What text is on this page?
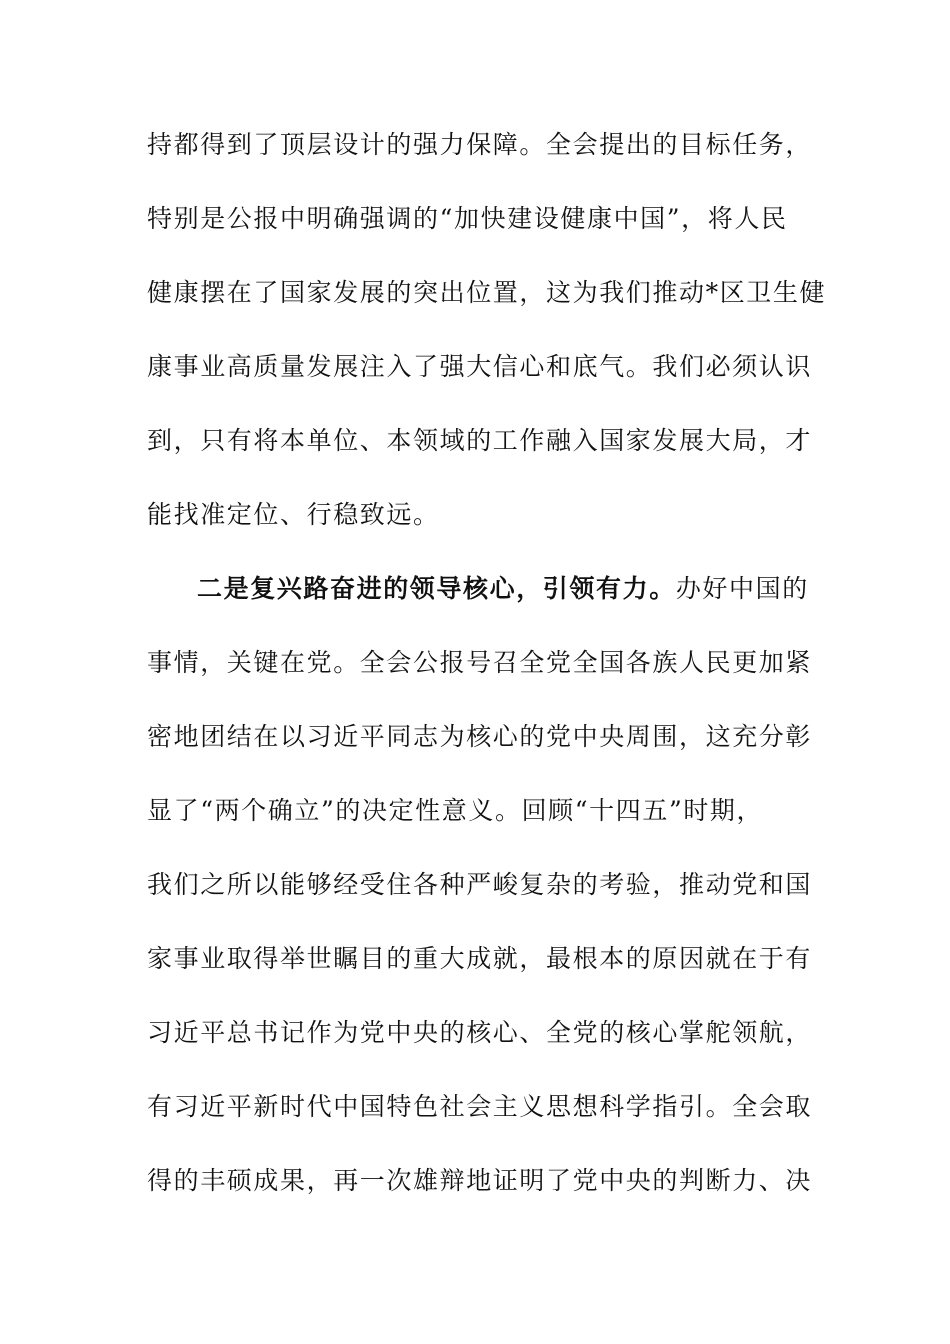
持都得到了顶层设计的强力保障。全会提出的目标任务，
特别是公报中明确强调的“加快建设健康中国”，将人民
健康摆在了国家发展的突出位置，这为我们推动*区卫生健
康事业高质量发展注入了强大信心和底气。我们必须认识
到，只有将本单位、本领域的工作融入国家发展大局，才
能找准定位、行稳致远。
二是复兴路奋进的领导核心，引领有力。办好中国的
事情，关键在党。全会公报号召全党全国各族人民更加紧
密地团结在以习近平同志为核心的党中央周围，这充分彰
显了“两个确立”的决定性意义。回顾“十四五”时期，
我们之所以能够经受住各种严峻复杂的考验，推动党和国
家事业取得举世瞩目的重大成就，最根本的原因就在于有
习近平总书记作为党中央的核心、全党的核心掌舵领航，
有习近平新时代中国特色社会主义思想科学指引。全会取
得的丰硕成果，再一次雄辩地证明了党中央的判断力、决
